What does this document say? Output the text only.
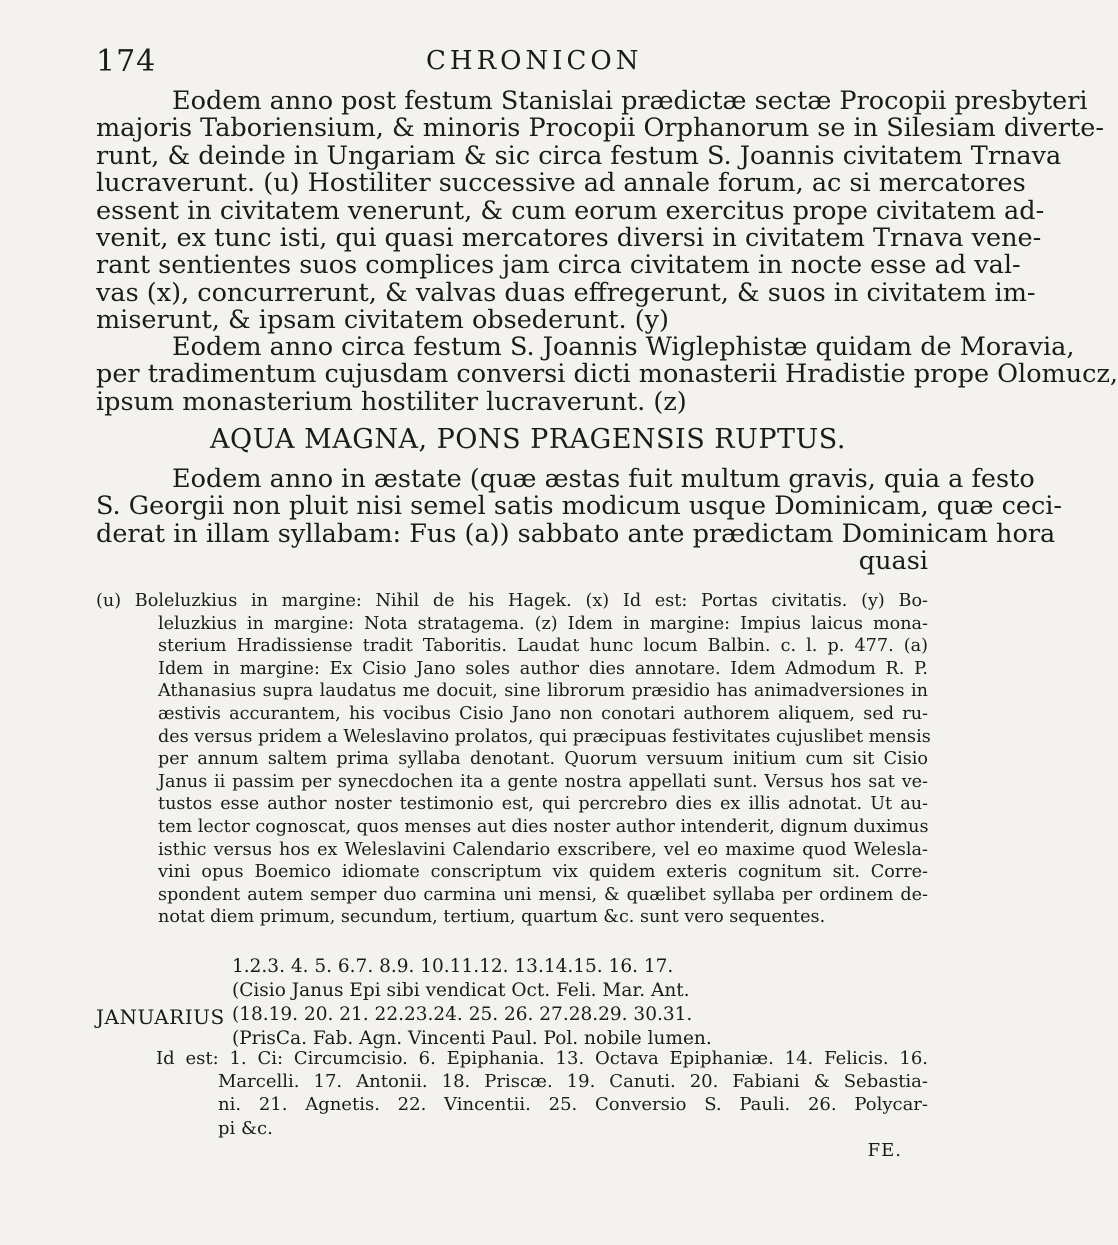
174	CHRONICON
Eodem anno post festum Stanislai prædictæ sectæ Procopii presbyteri
majoris Taboriensium, & minoris Procopii Orphanorum se in Silesiam diverte-
runt, & deinde in Ungariam & sic circa festum S. Joannis civitatem Trnava
lucraverunt. (u) Hostiliter successive ad annale forum, ac si mercatores
essent in civitatem venerunt, & cum eorum exercitus prope civitatem ad-
venit, ex tunc isti, qui quasi mercatores diversi in civitatem Trnava vene-
rant sentientes suos complices jam circa civitatem in nocte esse ad val-
vas (x), concurrerunt, & valvas duas effregerunt, & suos in civitatem im-
miserunt, & ipsam civitatem obsederunt. (y)
Eodem anno circa festum S. Joannis Wiglephistæ quidam de Moravia,
per tradimentum cujusdam conversi dicti monasterii Hradistie prope Olomucz,
ipsum monasterium hostiliter lucraverunt. (z)
AQUA MAGNA, PONS PRAGENSIS RUPTUS.
Eodem anno in æstate (quæ æstas fuit multum gravis, quia a festo
S. Georgii non pluit nisi semel satis modicum usque Dominicam, quæ ceci-
derat in illam syllabam: Fus (a)) sabbato ante prædictam Dominicam hora
quasi
(u) Boleluzkius in margine: Nihil de his Hagek. (x) Id est: Portas civitatis. (y) Bo-
leluzkius in margine: Nota stratagema. (z) Idem in margine: Impius laicus mona-
sterium Hradissiense tradit Taboritis. Laudat hunc locum Balbin. c. l. p. 477. (a)
Idem in margine: Ex Cisio Jano soles author dies annotare. Idem Admodum R. P.
Athanasius supra laudatus me docuit, sine librorum præsidio has animadversiones in
æstivis accurantem, his vocibus Cisio Jano non conotari authorem aliquem, sed ru-
des versus pridem a Weleslavino prolatos, qui præcipuas festivitates cujuslibet mensis
per annum saltem prima syllaba denotant. Quorum versuum initium cum sit Cisio
Janus ii passim per synecdochen ita a gente nostra appellati sunt. Versus hos sat ve-
tustos esse author noster testimonio est, qui percrebro dies ex illis adnotat. Ut au-
tem lector cognoscat, quos menses aut dies noster author intenderit, dignum duximus
isthic versus hos ex Weleslavini Calendario exscribere, vel eo maxime quod Welesla-
vini opus Boemico idiomate conscriptum vix quidem exteris cognitum sit. Corre-
spondent autem semper duo carmina uni mensi, & quælibet syllaba per ordinem de-
notat diem primum, secundum, tertium, quartum &c. sunt vero sequentes.
1.2.3. 4. 5. 6.7. 8.9. 10.11.12. 13.14.15. 16. 17.
(Cisio Janus Epi sibi vendicat Oct. Feli. Mar. Ant.
JANUARIUS (18.19. 20. 21. 22.23.24. 25. 26. 27.28.29. 30.31.
(PrisCa. Fab. Agn. Vincenti Paul. Pol. nobile lumen.
Id est: 1. Ci: Circumcisio. 6. Epiphania. 13. Octava Epiphaniæ. 14. Felicis. 16.
Marcelli. 17. Antonii. 18. Priscæ. 19. Canuti. 20. Fabiani & Sebastia-
ni. 21. Agnetis. 22. Vincentii. 25. Conversio S. Pauli. 26. Polycar-
pi &c.
FE.
